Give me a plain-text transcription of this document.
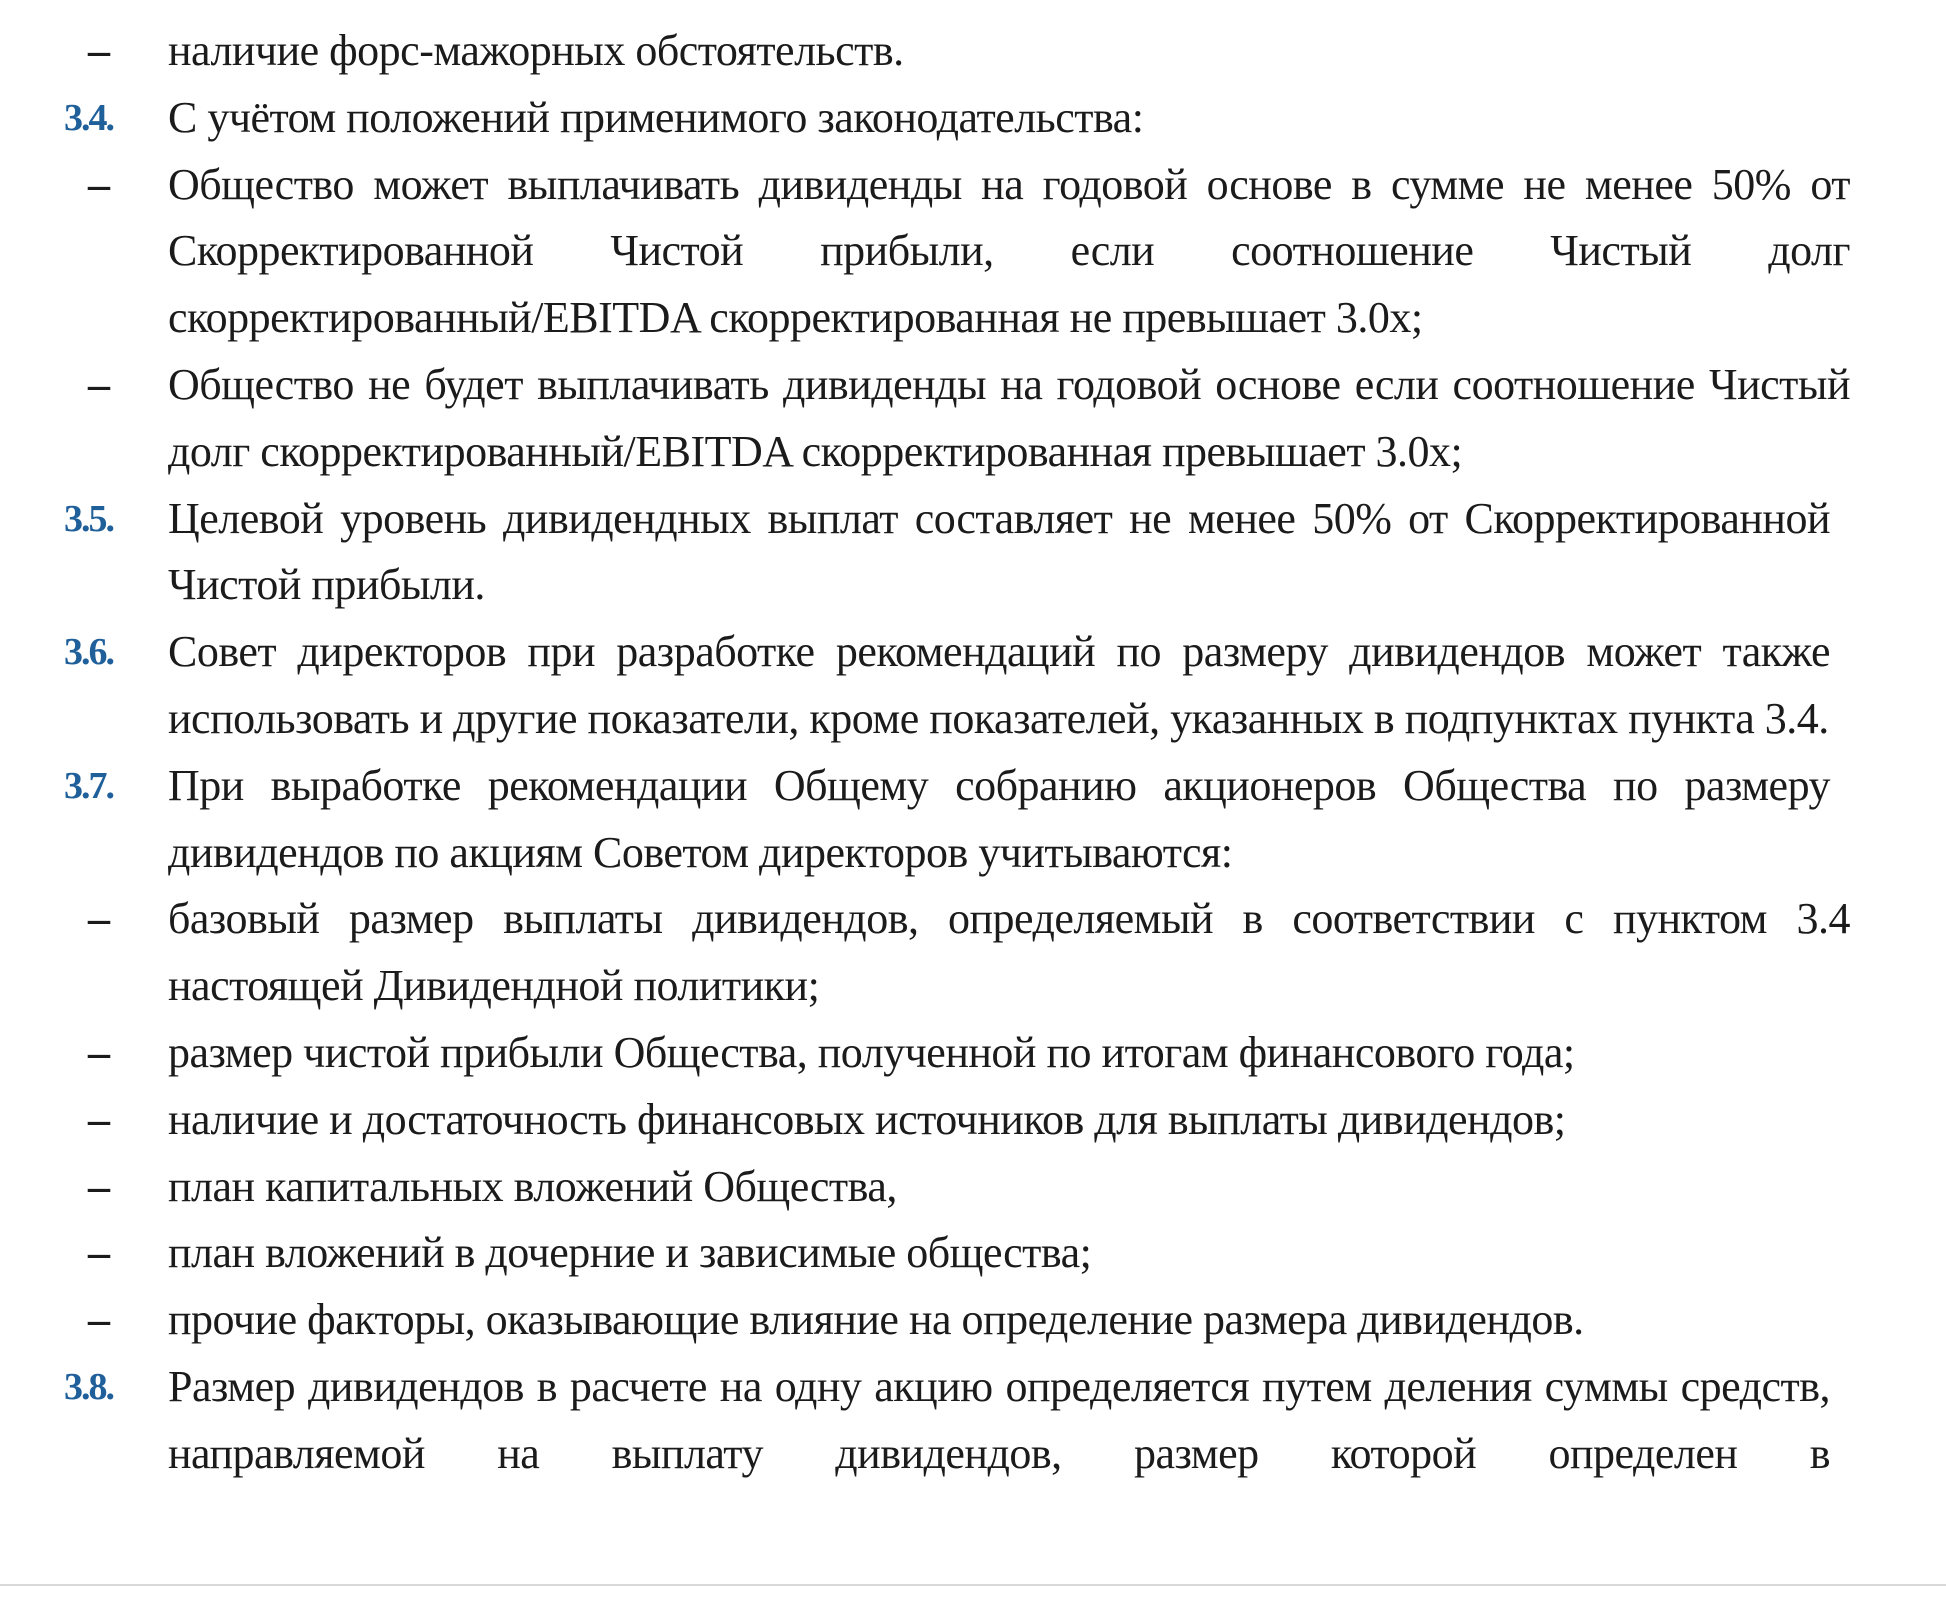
–	наличие форс-мажорных обстоятельств.
3.4.	С учётом положений применимого законодательства:
–	Общество может выплачивать дивиденды на годовой основе в сумме не менее 50% от Скорректированной Чистой прибыли, если соотношение Чистый долг скорректированный/EBITDA скорректированная не превышает 3.0x;
–	Общество не будет выплачивать дивиденды на годовой основе если соотношение Чистый долг скорректированный/EBITDA скорректированная превышает 3.0x;
3.5.	Целевой уровень дивидендных выплат составляет не менее 50% от Скорректированной Чистой прибыли.
3.6.	Совет директоров при разработке рекомендаций по размеру дивидендов может также использовать и другие показатели, кроме показателей, указанных в подпунктах пункта 3.4.
3.7.	При выработке рекомендации Общему собранию акционеров Общества по размеру дивидендов по акциям Советом директоров учитываются:
–	базовый размер выплаты дивидендов, определяемый в соответствии с пунктом 3.4 настоящей Дивидендной политики;
–	размер чистой прибыли Общества, полученной по итогам финансового года;
–	наличие и достаточность финансовых источников для выплаты дивидендов;
–	план капитальных вложений Общества,
–	план вложений в дочерние и зависимые общества;
–	прочие факторы, оказывающие влияние на определение размера дивидендов.
3.8.	Размер дивидендов в расчете на одну акцию определяется путем деления суммы средств, направляемой на выплату дивидендов, размер которой определен в
